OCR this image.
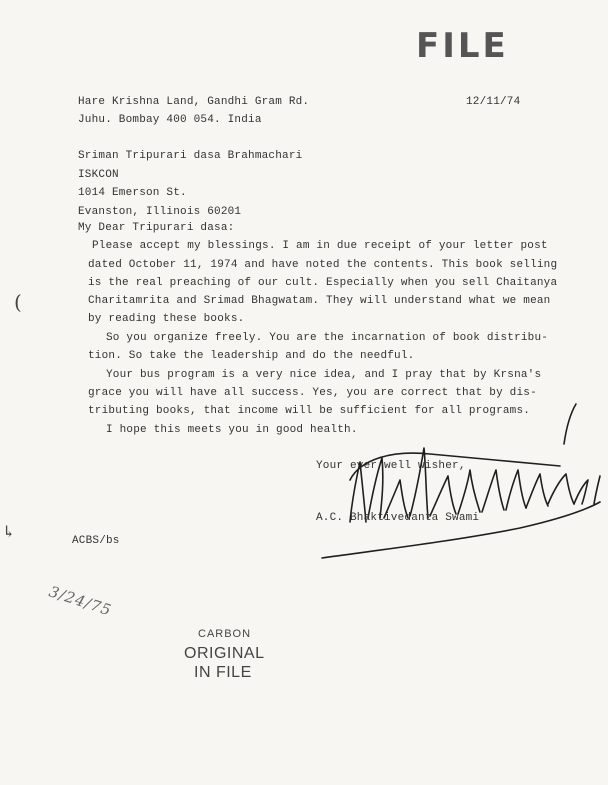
FILE
Hare Krishna Land, Gandhi Gram Rd.
Juhu. Bombay 400 054. India
12/11/74
Sriman Tripurari dasa Brahmachari
ISKCON
1014 Emerson St.
Evanston, Illinois 60201
My Dear Tripurari dasa:
Please accept my blessings. I am in due receipt of your letter post
dated October 11, 1974 and have noted the contents. This book selling
is the real preaching of our cult. Especially when you sell Chaitanya
Charitamrita and Srimad Bhagwatam. They will understand what we mean
by reading these books.
So you organize freely. You are the incarnation of book distribu-
tion. So take the leadership and do the needful.
Your bus program is a very nice idea, and I pray that by Krsna's
grace you will have all success. Yes, you are correct that by dis-
tributing books, that income will be sufficient for all programs.
I hope this meets you in good health.
(
Your ever well wisher,
A.C. Bhaktivedanta Swami
ACBS/bs
↳
3/24/75
CARBON
ORIGINAL
IN FILE
